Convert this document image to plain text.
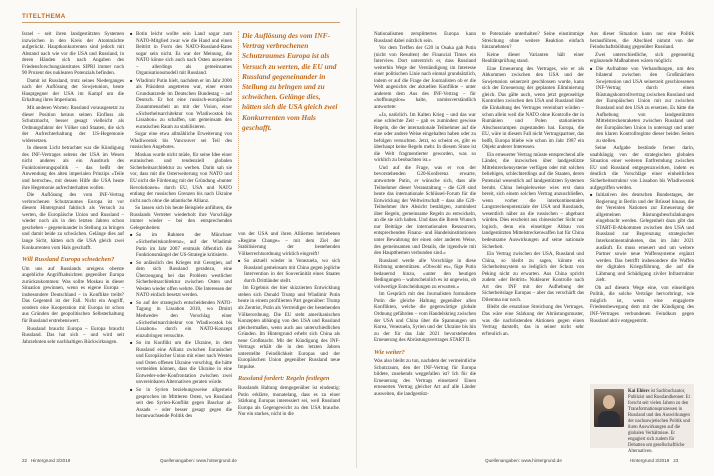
TITELTHEMA

Israel – seit ihren landgestützten Systemen inzwischen in den Kreis der Atommächte aufgerückt. Hauptkonkurrenten sind jedoch mit Abstand nach wie vor die USA und Russland, in deren Händen sich nach Angaben des Friedensforschungsinstitutes SIPRI immer noch 90 Prozent des nuklearen Potenzials befinden.

Damit ist Russland, trotz seines Niederganges nach der Auflösung der Sowjetunion, heute Hauptgegner der USA im Kampf um die Erhaltung ihres Imperiums.

Mit anderen Worten: Russland vorausgesetzt zu dieser Position heraus seinen Einfluss als Schutzmacht, besser gesagt vielleicht als Ordnungsfaktor der Völker und Staaten, die sich der Aufrechterhaltung der US-Hegemonie widersetzen.

In diesem Licht betrachtet war die Kündigung des INF-Vertrages seitens der USA im Wesen nicht anderes als ein Ausdruck des Funktionierungspolitik – das heißt der Anwendung des alten imperialen Prinzips »Teile und herrsche«, mit dessen Hilfe die USA heute ihre Hegemonie aufrechterhalten wollen.

Die Auflösung des vom INF-Vertrag verbrochenen Schutzraumes Europa ist vor diesem Hintergrund faktisch als Versuch zu werten, die Europäische Union und Russland – wieder noch als in den letzten Jahren schon geschehen – gegeneinander in Stellung zu bringen und damit beide zu schwächen. Gelänge dies auf lange Sicht, hätten sich die USA gleich zwei Konkurrenten vom Hals geschafft.

Will Russland Europa schwächen?

Um uns auf Russlands ureigens oberste angebliche Angriffsabsichten gegenüber Europa zurückzukommen: Was sollte Moskau in dieser Situation gewinnen, wenn es eigene Europa – insbesondere Deutschland – in Konflikte treibt? Das Gegenteil ist der Fall. Nicht ein Angriff, sondern eine Kooperation mit Europa ist schon aus Gründen der geopolitischen Selbsterhaltung für Russland erstrebenswert.

Russland braucht Europa – Europa braucht Russland. Das hat sich – und wird seit Jahrzehnten sehr nachhaltigen Rückwirkungen.

■ Botin leicht wollte sein Land sogar zum NATO-Mitglied zwar wie die Hand und einen Beitritt in Form des NATO-Russland-Rates sogar sein nicht. Es war der Meinung, die NATO könne sich auch nach Osten ausweiten – allerdings als gemeinsames Organisationsmodell mit Russland.

■ Wladimir Putin hielt, nachdem er im Jahr 2000 als Präsident angetreten war, einer ersten Grundsatzrede im Deutschen Bundestag – auf Deutsch. Er bot eine russisch-europäische Zusammenarbeit an mit der Vision, einer »Sicherheitsarchitektur von Wladiwostok bis Lissabon« zu schaffen, um gemeinsam den eurasischen Raum zu stabilisieren.

Sogar eine etwa allmähliche Erweiterung von Wladiwostok bis Vancouver sei Teil des russischen Angebotes.

Moskau wurde nicht müde, für seine Idee einer eurasischen und tendenziell globalen Sicherheitsarchitektur zu werben. Darin sah sie vor, dass mit die Osterweiterung von NATO und EU nicht die Förderung mit der Gründung »bunter Revolutionen« durch EU, USA und NATO entlang der russischen Grenzen bis nach Ukraine nicht auch ohne die atlantische Allianz.

So lassen sich bis heute Beispiele anführen, die Russlands Vertreter wiederholt ihre Vorschläge immer wieder – bei den entsprechenden Gelegenheiten:

■ So im Rahmen der Münchner »Sicherheitskonferenz«, auf der Wladimir Putin im Jahr 2007 erstmals öffentlich die Funktionsmängel der US-Strategie kritisierte.

■ So anlässlich des Krieges mit Georgien, auf dem sich Russland geradezu, eine Überzeugung bei das Problem westlicher Sicherheitsarchitektur zwischen Osten und Westen wieder offen wehrte. Die Interessen der NATO einfach besetzt werden.

■ So auf der strategisch entscheidenden NATO-Tagung in Lissabon 2010, wo Dmitri Medwedev den Vorschlag einer »Sicherheitsarchitektur von Wladiwostok bis Lissabon« durch ein NATO-Konzept einzubringen versuchte.

■ So im Konflikt um die Ukraine, in dem Russland eine Allianz zwischen Eurasischer und Europäischer Union mit einer nach Westen und Osten offenen Ukraine vorschlug, die hätte vermeiden können, dass die Ukraine in eine Entweder-oder-Konfrontation zwischen zwei unvereinbaren Alternativen geraten würde.

■ So in Syrien beziehungsweise allgemein gesprochen im Mittleren Osten, wo Russland seit den Syrien-Konflikt gegen Baschar al-Assads – oder besser gesagt gegen die heranwachsende Politik des

Die Auflösung des vom INF-Vertrag verbrochenen Schutzraumes Europa ist als Versuch zu werten, die EU und Russland gegeneinander in Stellung zu bringen und zu schwächen. Gelänge dies, hätten sich die USA gleich zwei Konkurrenten vom Hals geschafft.

von der USA und ihren Alliierten betriebenen »Regime Change« – mit dem Ziel der Stabilisierung der bestehenden Völkerrechtsordnung wirklich eingreift!

■ So aktuell wieder in Venezuela, wo sich Russland gemeinsam mit China gegen jegliche Intervention in der Souveränität eines Staates durch Drittländer stellt.

Im Ergebnis der hier skizzierten Entwicklung stehen sich Donald Trump und Wladimir Putin heute in einem profilierten Part gegenüber: Trump als Zentrist, Putin als Vertreidiger der bestehenden Völkerordnung. Die EU steht amerikanischen Konzepten abhängig von den USA und Russland gleichermaßen, wenn auch aus unterschiedlichen Gründen. Im Hintergrund erhebt sich China als neue Großmacht. Mit der Kündigung des INF-Vertrags erhält die in den letzten Jahren unterstellte Feindlichkeit Europas und der Europäischen Union gegenüber Russland neue Impulse.

Russland fordert: Regeln festlegen

Russlands Haltung demgegenüber ist eindeutig: Putin erklärte, monatelang, dass es zu einer Stärkung Europas interessiert sei, weil Russland Europa als Gegengewicht zu den USA brauche. Nur ein starkes, nicht in die

22 Hintergrund 3/2019	Quellenangaben: www.hintergrund.de

Nationalismen zersplittertes Europa kann Russland dabei nützlich sein.

Vor dem Treffen der G20 in Osaka gab Putin (nicht von Resulten) der Financial Times ein Interview. Dort unterstrich er, dass Russland weiterhin Wege der Verständigung im Interesse einer politischen Linie nach einmal grundsätzlich, indem er auf die Frage der Journalisten ob er die Welt angesichts der aktuellen Konflikte – unter anderem dem Aus des INF-Vertrag – für »hoffnungslos« halte, unmissverständlich antwortete:

»Ja, natürlich. Im Kalten Krieg – und das war eine schlechte Zeit – gab es zumindest gewisse Regeln, die der internationale Teilnehmer auf die eine oder andere Weise eingehalten haben oder zu befolgen versuchten. Jetzt, so scheint es, gibt es überhaupt keine Regeln mehr. In diesem Sinne ist die Welt fragmentierter geworden, was so wirklich zu beobachten ist.«

Und auf die Frage, was er von der bevorstehenden G20-Konferenz erwarte, antwortete Putin, er wünsche sich, dass alle Teilnehmer dieser Veranstaltung – die G20 sind heute das internationale Schlüssel-Forum für die Entwicklung der Weltwirtschaft – dass alle G20-Teilnehmer ihre Absicht bestätigen, zumindest über Regeln, gemeinsame Regeln zu entwickeln, an die sie sich halten. Und dass die Ihrem Wunsch nur Beiträge der internationalen Ressourcen, entsprechenden Finanz- und Handelsinstitutionen unter Bewahrung der einen oder anderen Weise, des gemeinsamen und Details, die irgendwie mit den Hauptthemen verbunden sind.»

Russland werde alle Vorschläge in diese Richtung unterstützen. »Obwohl es«, füge Putin bedauernd hinzu, »unter den heutigen Bedingungen – wahrscheinlich es ist ungewiss, ob vollwertige Entscheidungen zu erwarten.«

Im Gespräch mit den Journalisten formulierte Putin die gleiche Haltung gegenüber allen Konflikten, welche die gegenwärtige globale Ordnung gefährden – vom Handelskrieg zwischen der USA und China über die Spannungen um Korea, Venezuela, Syrien und der Ukraine bis hin zu der für das Jahr 2021 bevorstehenden Erneuerung des Abrüstungsvertrages START II.

Wie weiter?

Was also bleibt zu tun, nachdem der vermeintliche Schutzraum, den der INF-Vertrag für Europa bildete, zusehends weggefallen ist? Ich für die Erneuerung des Vertrags einsetzen! Einen erneuerten Vertrag gleicher Art auf alle Länder ausweiten, die landgestütz-

te Potenziale unterhalten? Seine einstimmige Streichung ohne weitere Reaktion einfach hinzunehmen?

Keine dieser Varianten hält einer Realitätsprüfung stand.

Eine Erneuerung des Vertrages, wie er als Abkommen zwischen den USA und der Sowjetunion seinerzeit geschlossen wurde, kann sich der Erneuerung der geplanten Eliminierung gleich. Das gälte auch, wenn jetzt gegenseitige Kontrollen zwischen den USA und Russland über die Einhaltung des Vertrages vereinbart würden – schon allein weil die NATO ohne Kontrolle der in Rumänien und Polen stationierten Abschussrampen zugestanden hat. Europa, die EU, wäre in diesem Fall nicht Vertragspartner, das heißt, Europa bliebe wie schon im Jahr 1987 ein Objekt anderer Interessen.

Ein erneuerter Vertrag müsste entsprechend alle Länder, die inzwischen über landgestützte Mittelstreckensysteme verfügen oder mit solchen beliebigen, schlechterdings auf die Staaten, deren Potenzial wesentlich auf landgestützten Systemen beruht. China beispielsweise wies erst dann bereit, sich einem solchen Vertrag anzuschließen, wenn vorher die interkontinentalen Langstreckenpotenziale der USA und Russlands, wesentlich näher an die russischen – abgebaut würden. Dies erscheint aus chinesischer Sicht nur logisch, denn ein einseitiger Abbau von landgestützten Mittelstreckenwaffen hat für China bedeutsame Auswirkungen auf seine nationale Sicherheit.

Ein Vertrag zwischen der USA, Russland und China, so bleibt zu sagen, könnte ein Sicherheitssystem so lediglich der Schutz von Peking nicht zu erwarten. Aus China spricht zudem »der Beitritt« Nuklearer Kontrolle nach Art des INF mit der Aufhebung der Sicherheitslage Europas – aber das verschärft das Dilemma nur noch.

Bleibt die ersatzlose Streichung des Vertrages. Das wäre eine Stärkung der Abrüstungsmuster, was die nachrüstenden Aktionen gegen einen Vertrag darstellt, das in seiner nicht sehr erfreulich an.

Aus dieser Situation kann nur eine Politik herausführen, die Abschied nimmt von der Feindschaftsbildung gegenüber Russland.

Zwei unterschiedliche, sich gegenseitig ergänzende Maßnahmen wären möglich:

■ Die Aufnahme von Verhandlungen, um den bilateral zwischen den Großmächten Sowjetunion und USA seinerzeit geschlossenen INF-Vertrag durch einen Rüstungskontrollvertrag zwischen Russland und der Europäischen Union mit zur zwischen Russland und den USA zu ersetzen. Es hätte die Aufhebung von landgestützten Mittelstreckenraketen zwischen Russland und der Europäischen Union in untersagt und unter den klaren Kontrollregime dieser beiden Seiten zu stellen.

Seine Aufgabe bestünde ferner darin, unabhängig von der strategischen globalen Situation einer weiteren Entfremdung zwischen EU und Russland entgegenzuwirken, indem es deutlich die Vorschläge einer einheitlichen Sicherheitsstruktur von Lissabon bis Wladiwostok aufgegriffen werden.

■ Initiativen des deutschen Bundestages, der Regierung in Berlin und der Brüssel hinaus, die der Vereinten Nationen zur Erneuerung der allgemeinen Rüstungsbeschränkungen eingebracht werden. Gelegenheit dazu gibt das START-II-Abkommen zwischen den USA und Russland zur Begrenzung strategischer Interkontinentalraketen, das im Jahr 2021 ausläuft. Es muss erneuert und um weitere Partner sowie neue Waffensysteme ergänzt werden. Das betrifft insbesondere die Waffen der digitalen Kriegsführung, die auf die Lähmung und Schädigung ziviler Infrastruktur zielt.

Ob auf diesem Wege eine, von einseitigen Politik, die solche Verträge hervorbringt, wie möglich ist, wenn eine engagierte Friedensbewegung dem mit der Kündigung des INF-Vertrages verbundenen Feindkurs gegen Russland aktiv entgegentritt.

Kai Ehlers ist Sachbuchautor, Publizist und Russlandkenner. Er forscht seit vielen Jahren zu den Transformationsprozessen in Russland und den Auswirkungen der nachsowjetischen Politik und ihren Auswirkungen auf die globalen Verhältnisse. Er engagiert sich zudem für Debatten um gesellschaftliche Alternativen.
Quellenangaben: www.hintergrund.de	Hintergrund 3/2019 23
